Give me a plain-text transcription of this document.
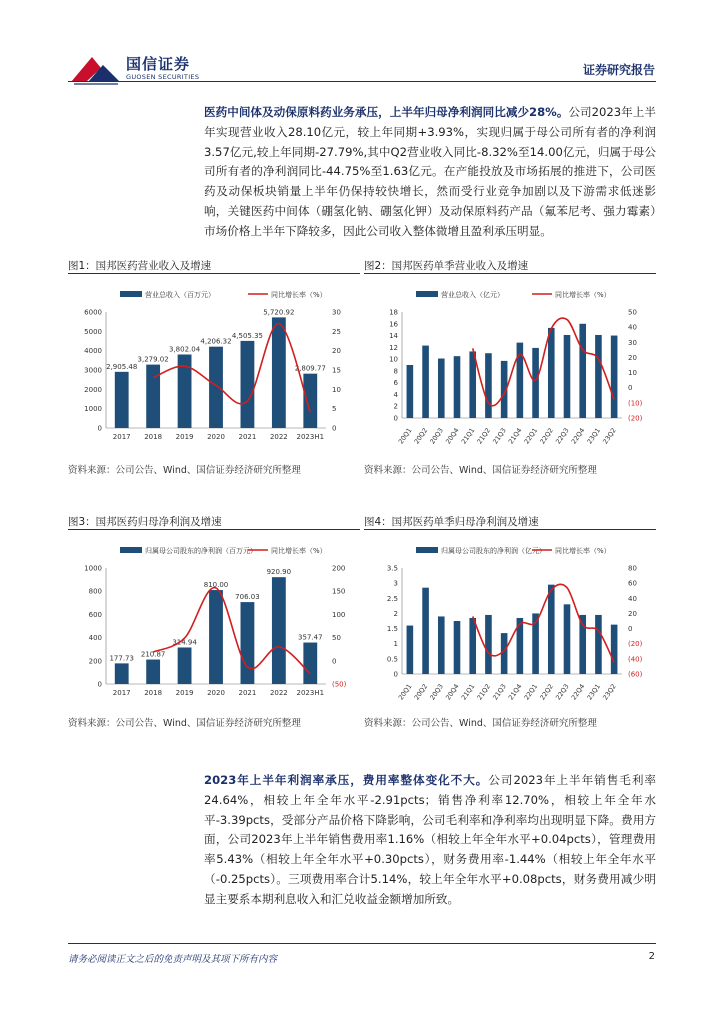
国信证券
GUOSEN SECURITIES	证券研究报告

医药中间体及动保原料药业务承压，上半年归母净利润同比减少28%。公司2023年上半年实现营业收入28.10亿元，较上年同期+3.93%，实现归属于母公司所有者的净利润3.57亿元,较上年同期-27.79%,其中Q2营业收入同比-8.32%至14.00亿元，归属于母公司所有者的净利润同比-44.75%至1.63亿元。在产能投放及市场拓展的推进下，公司医药及动保板块销量上半年仍保持较快增长，然而受行业竞争加剧以及下游需求低迷影响，关键医药中间体（硼氢化钠、硼氢化钾）及动保原料药产品（氟苯尼考、强力霉素）市场价格上半年下降较多，因此公司收入整体微增且盈利承压明显。

图1：国邦医药营业收入及增速
营业总收入（百万元）	同比增长率（%）
0
1000
2000
3000
4000
5000
6000
0
5
10
15
20
25
30
2,905.48
2017
3,279.02
2018
3,802.04
2019
4,206.32
2020
4,505.35
2021
5,720.92
2022
2,809.77
2023H1
资料来源：公司公告、Wind、国信证券经济研究所整理
图2：国邦医药单季营业收入及增速
营业总收入（亿元）	同比增长率（%）
0
2
4
6
8
10
12
14
16
18
(20)
(10)
0
10
20
30
40
50
20Q1 20Q2 20Q3 20Q4 21Q1 21Q2 21Q3 21Q4 22Q1 22Q2 22Q3 22Q4 23Q1 23Q2
资料来源：公司公告、Wind、国信证券经济研究所整理
图3：国邦医药归母净利润及增速
归属母公司股东的净利润（百万元） 同比增长率（%）
0
200
400
600
800
1000
(50)
0
50
100
150
200
177.73
2017
210.87
2018
314.94
2019
810.00
2020
706.03
2021
920.90
2022
357.47
2023H1
资料来源：公司公告、Wind、国信证券经济研究所整理
图4：国邦医药单季归母净利润及增速
归属母公司股东的净利润（亿元） 同比增长率（%）
0
0.5
1
1.5
2
2.5
3
3.5
(60)
(40)
(20)
0
20
40
60
80
20Q1 20Q2 20Q3 20Q4 21Q1 21Q2 21Q3 21Q4 22Q1 22Q2 22Q3 22Q4 23Q1 23Q2
资料来源：公司公告、Wind、国信证券经济研究所整理

2023年上半年利润率承压，费用率整体变化不大。公司2023年上半年销售毛利率24.64%，相较上年全年水平-2.91pcts；销售净利率12.70%，相较上年全年水平-3.39pcts，受部分产品价格下降影响，公司毛利率和净利率均出现明显下降。费用方面，公司2023年上半年销售费用率1.16%（相较上年全年水平+0.04pcts），管理费用率5.43%（相较上年全年水平+0.30pcts），财务费用率-1.44%（相较上年全年水平（-0.25pcts）。三项费用率合计5.14%，较上年全年水平+0.08pcts，财务费用减少明显主要系本期利息收入和汇兑收益金额增加所致。

请务必阅读正文之后的免责声明及其项下所有内容	2
